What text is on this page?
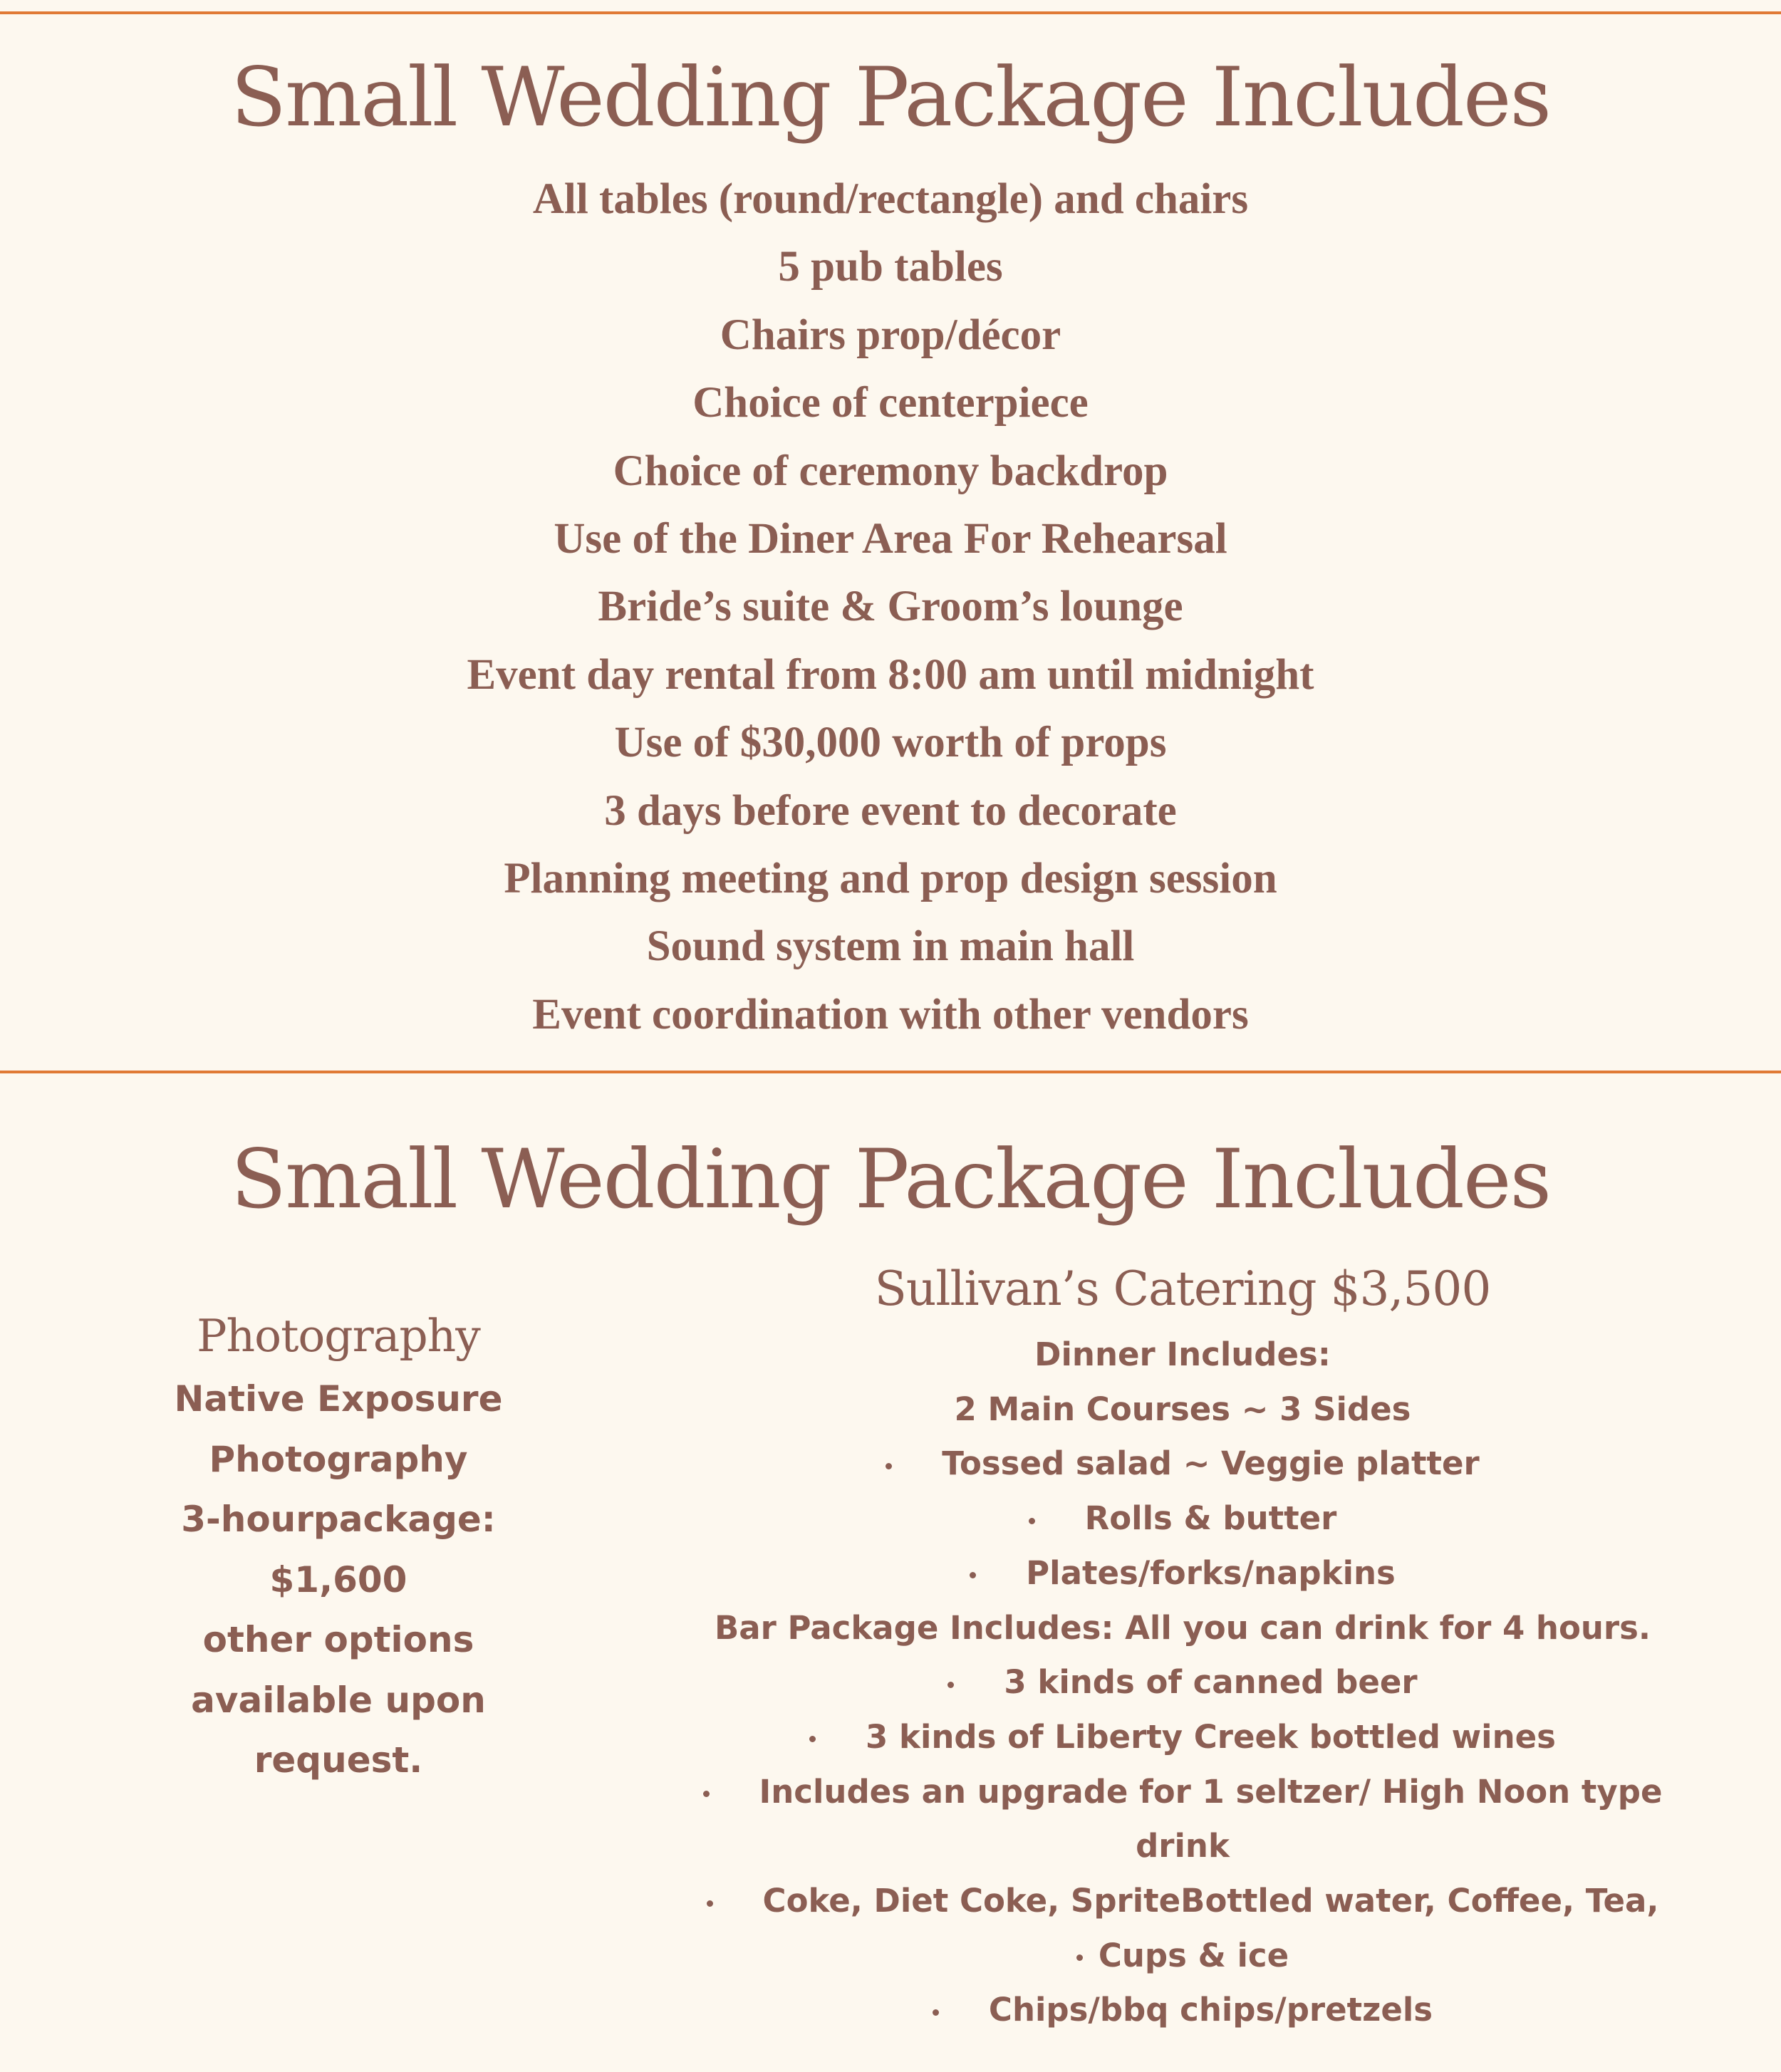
Small Wedding Package Includes
All tables (round/rectangle) and chairs
5 pub tables
Chairs prop/décor
Choice of centerpiece
Choice of ceremony backdrop
Use of the Diner Area For Rehearsal
Bride’s suite & Groom’s lounge
Event day rental from 8:00 am until midnight
Use of $30,000 worth of props
3 days before event to decorate
Planning meeting and prop design session
Sound system in main hall
Event coordination with other vendors
Small Wedding Package Includes
Photography
Native Exposure
Photography
3-hourpackage:
$1,600
other options
available upon
request.
Sullivan’s Catering $3,500
Dinner Includes:
2 Main Courses ~ 3 Sides
Tossed salad ~ Veggie platter
Rolls & butter
Plates/forks/napkins
Bar Package Includes: All you can drink for 4 hours.
3 kinds of canned beer
3 kinds of Liberty Creek bottled wines
Includes an upgrade for 1 seltzer/ High Noon type
drink
Coke, Diet Coke, SpriteBottled water, Coffee, Tea,
Cups & ice
Chips/bbq chips/pretzels
